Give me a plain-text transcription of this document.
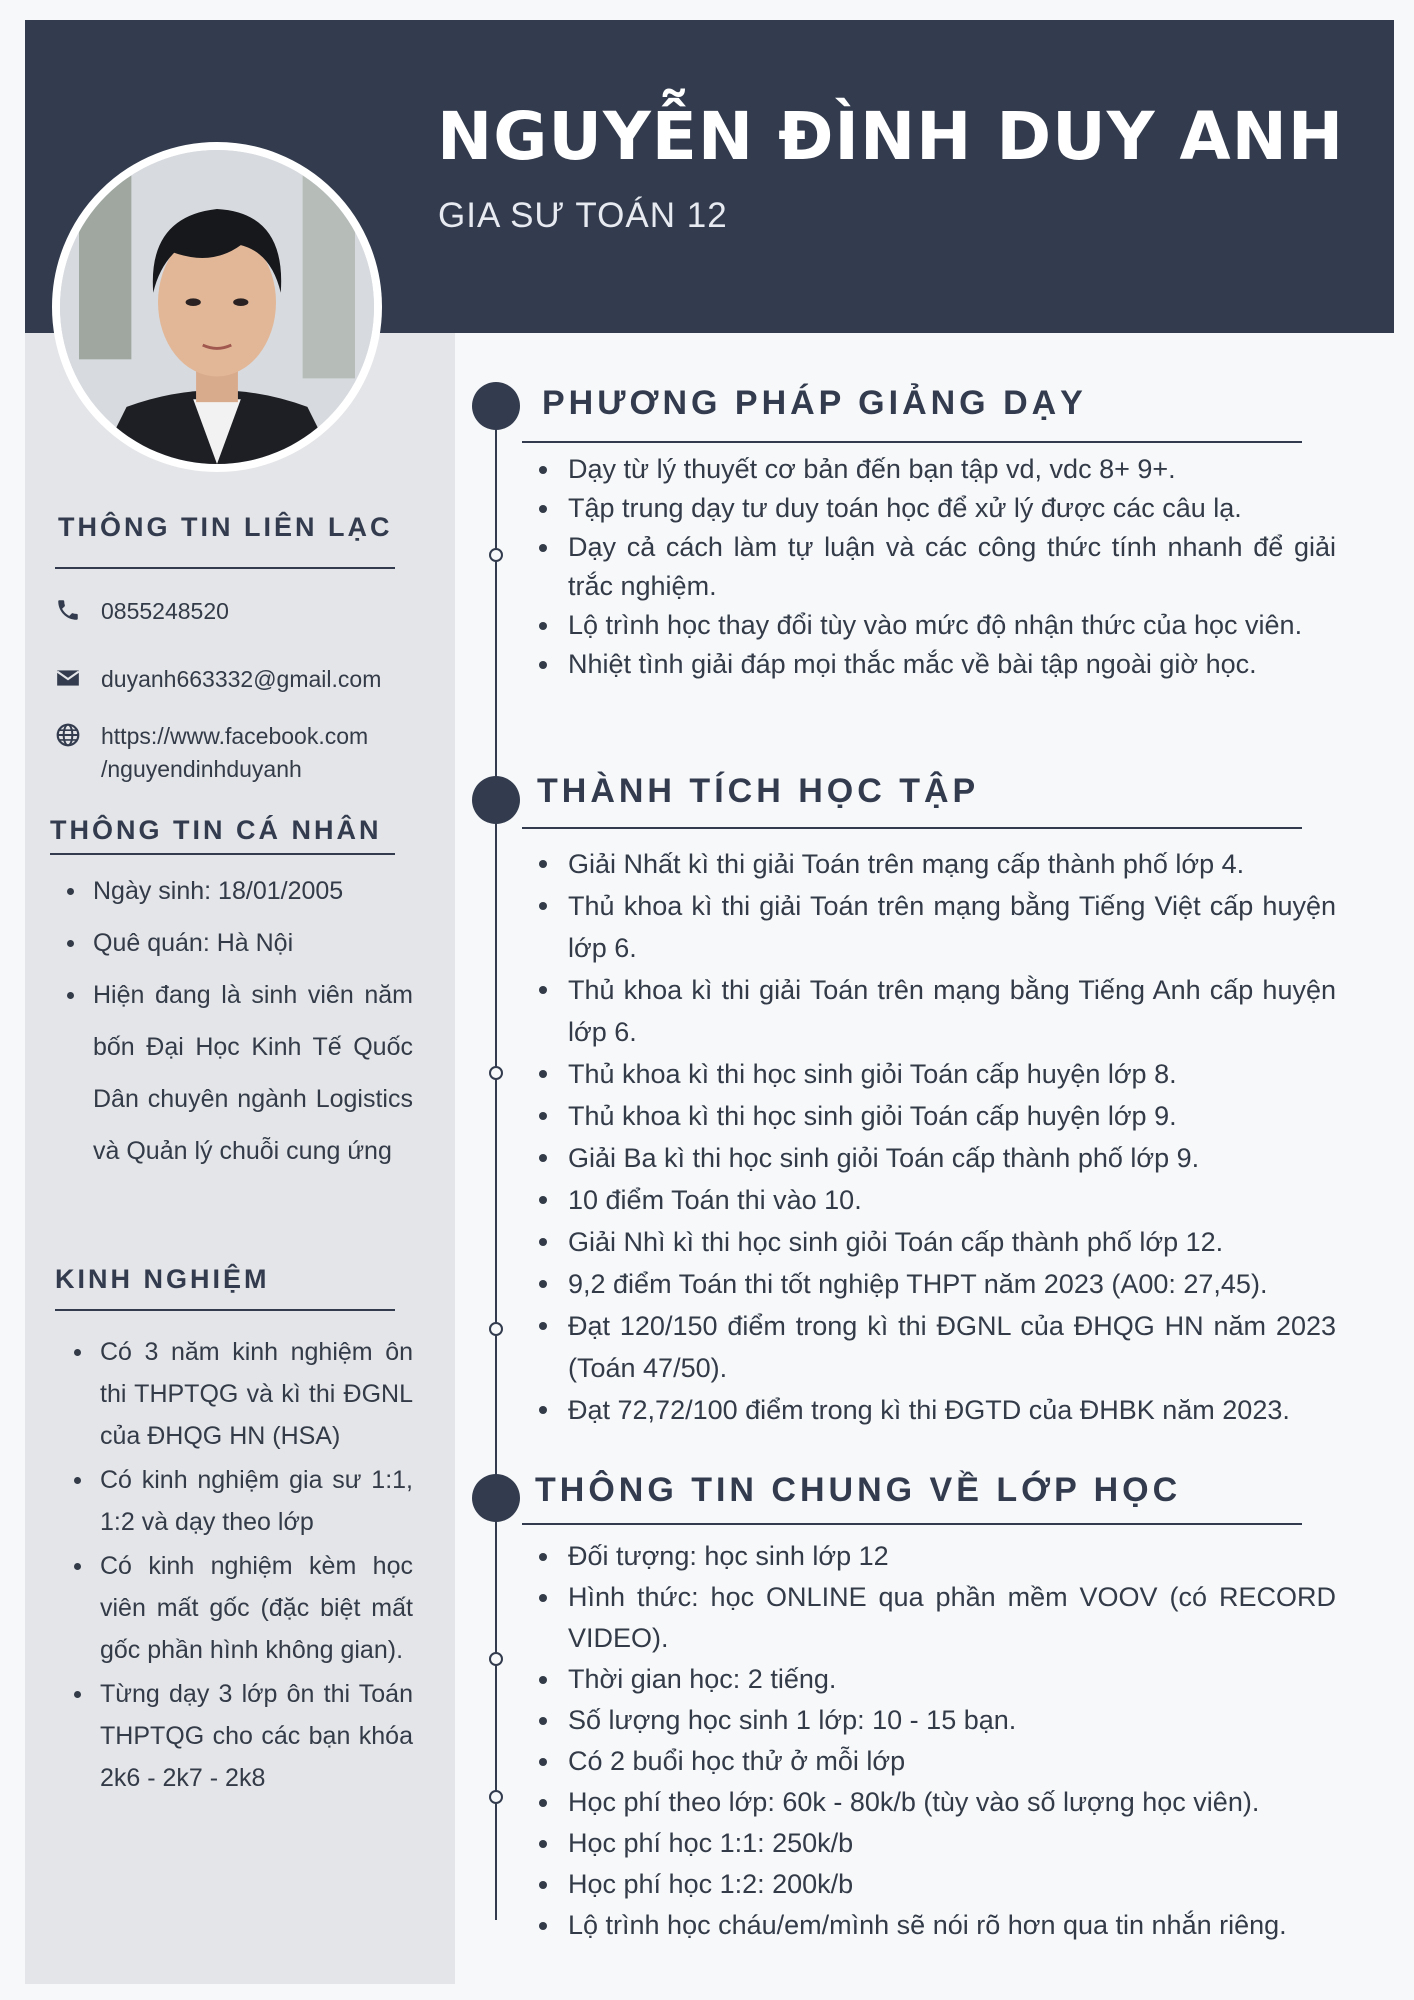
NGUYỄN ĐÌNH DUY ANH

GIA SƯ TOÁN 12

THÔNG TIN LIÊN LẠC
0855248520
duyanh663332@gmail.com
https://www.facebook.com
/nguyendinhduyanh
THÔNG TIN CÁ NHÂN
Ngày sinh: 18/01/2005
Quê quán: Hà Nội
Hiện đang là sinh viên năm bốn Đại Học Kinh Tế Quốc Dân chuyên ngành Logistics và Quản lý chuỗi cung ứng
KINH NGHIỆM
Có 3 năm kinh nghiệm ôn thi THPTQG và kì thi ĐGNL của ĐHQG HN (HSA)
Có kinh nghiệm gia sư 1:1, 1:2 và dạy theo lớp
Có kinh nghiệm kèm học viên mất gốc (đặc biệt mất gốc phần hình không gian).
Từng dạy 3 lớp ôn thi Toán THPTQG cho các bạn khóa 2k6 - 2k7 - 2k8
PHƯƠNG PHÁP GIẢNG DẠY
Dạy từ lý thuyết cơ bản đến bạn tập vd, vdc 8+ 9+.
Tập trung dạy tư duy toán học để xử lý được các câu lạ.
Dạy cả cách làm tự luận và các công thức tính nhanh để giải trắc nghiệm.
Lộ trình học thay đổi tùy vào mức độ nhận thức của học viên.
Nhiệt tình giải đáp mọi thắc mắc về bài tập ngoài giờ học.
THÀNH TÍCH HỌC TẬP
Giải Nhất kì thi giải Toán trên mạng cấp thành phố lớp 4.
Thủ khoa kì thi giải Toán trên mạng bằng Tiếng Việt cấp huyện lớp 6.
Thủ khoa kì thi giải Toán trên mạng bằng Tiếng Anh cấp huyện lớp 6.
Thủ khoa kì thi học sinh giỏi Toán cấp huyện lớp 8.
Thủ khoa kì thi học sinh giỏi Toán cấp huyện lớp 9.
Giải Ba kì thi học sinh giỏi Toán cấp thành phố lớp 9.
10 điểm Toán thi vào 10.
Giải Nhì kì thi học sinh giỏi Toán cấp thành phố lớp 12.
9,2 điểm Toán thi tốt nghiệp THPT năm 2023 (A00: 27,45).
Đạt 120/150 điểm trong kì thi ĐGNL của ĐHQG HN năm 2023 (Toán 47/50).
Đạt 72,72/100 điểm trong kì thi ĐGTD của ĐHBK năm 2023.
THÔNG TIN CHUNG VỀ LỚP HỌC
Đối tượng: học sinh lớp 12
Hình thức: học ONLINE qua phần mềm VOOV (có RECORD VIDEO).
Thời gian học: 2 tiếng.
Số lượng học sinh 1 lớp: 10 - 15 bạn.
Có 2 buổi học thử ở mỗi lớp
Học phí theo lớp: 60k - 80k/b (tùy vào số lượng học viên).
Học phí học 1:1: 250k/b
Học phí học 1:2: 200k/b
Lộ trình học cháu/em/mình sẽ nói rõ hơn qua tin nhắn riêng.
